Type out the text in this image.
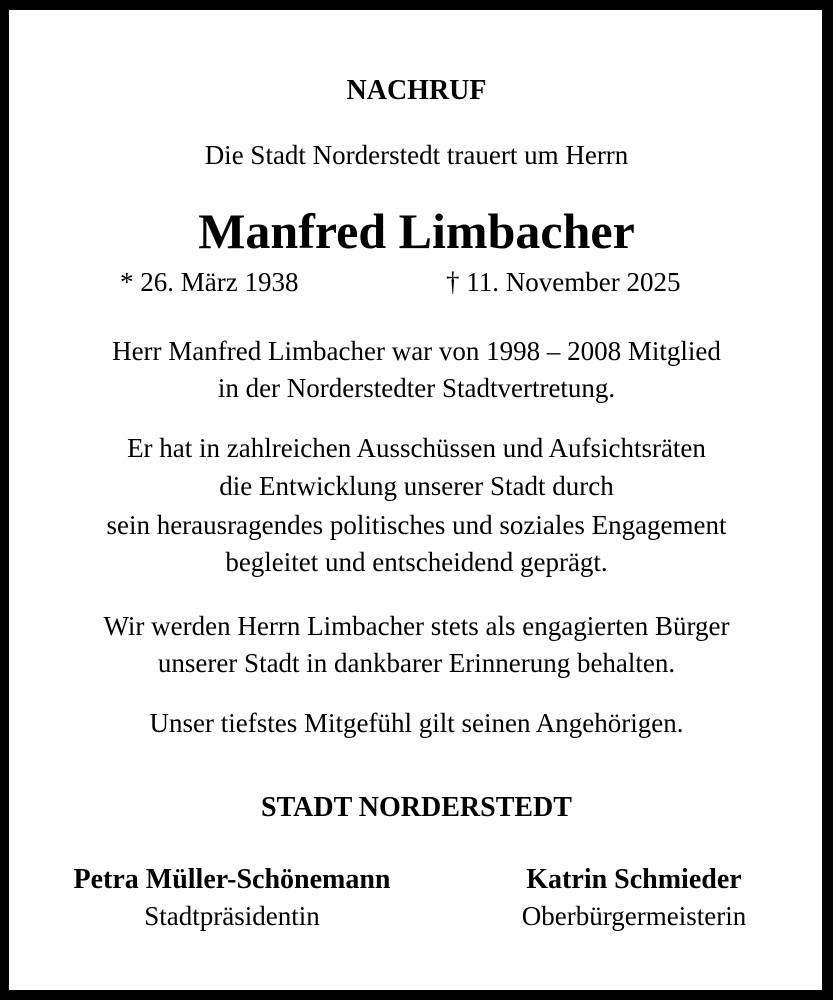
NACHRUF
Die Stadt Norderstedt trauert um Herrn
Manfred Limbacher
* 26. März 1938	† 11. November 2025
Herr Manfred Limbacher war von 1998 – 2008 Mitglied
in der Norderstedter Stadtvertretung.
Er hat in zahlreichen Ausschüssen und Aufsichtsräten
die Entwicklung unserer Stadt durch
sein herausragendes politisches und soziales Engagement
begleitet und entscheidend geprägt.
Wir werden Herrn Limbacher stets als engagierten Bürger
unserer Stadt in dankbarer Erinnerung behalten.
Unser tiefstes Mitgefühl gilt seinen Angehörigen.
STADT NORDERSTEDT
Petra Müller-Schönemann
Stadtpräsidentin
Katrin Schmieder
Oberbürgermeisterin
